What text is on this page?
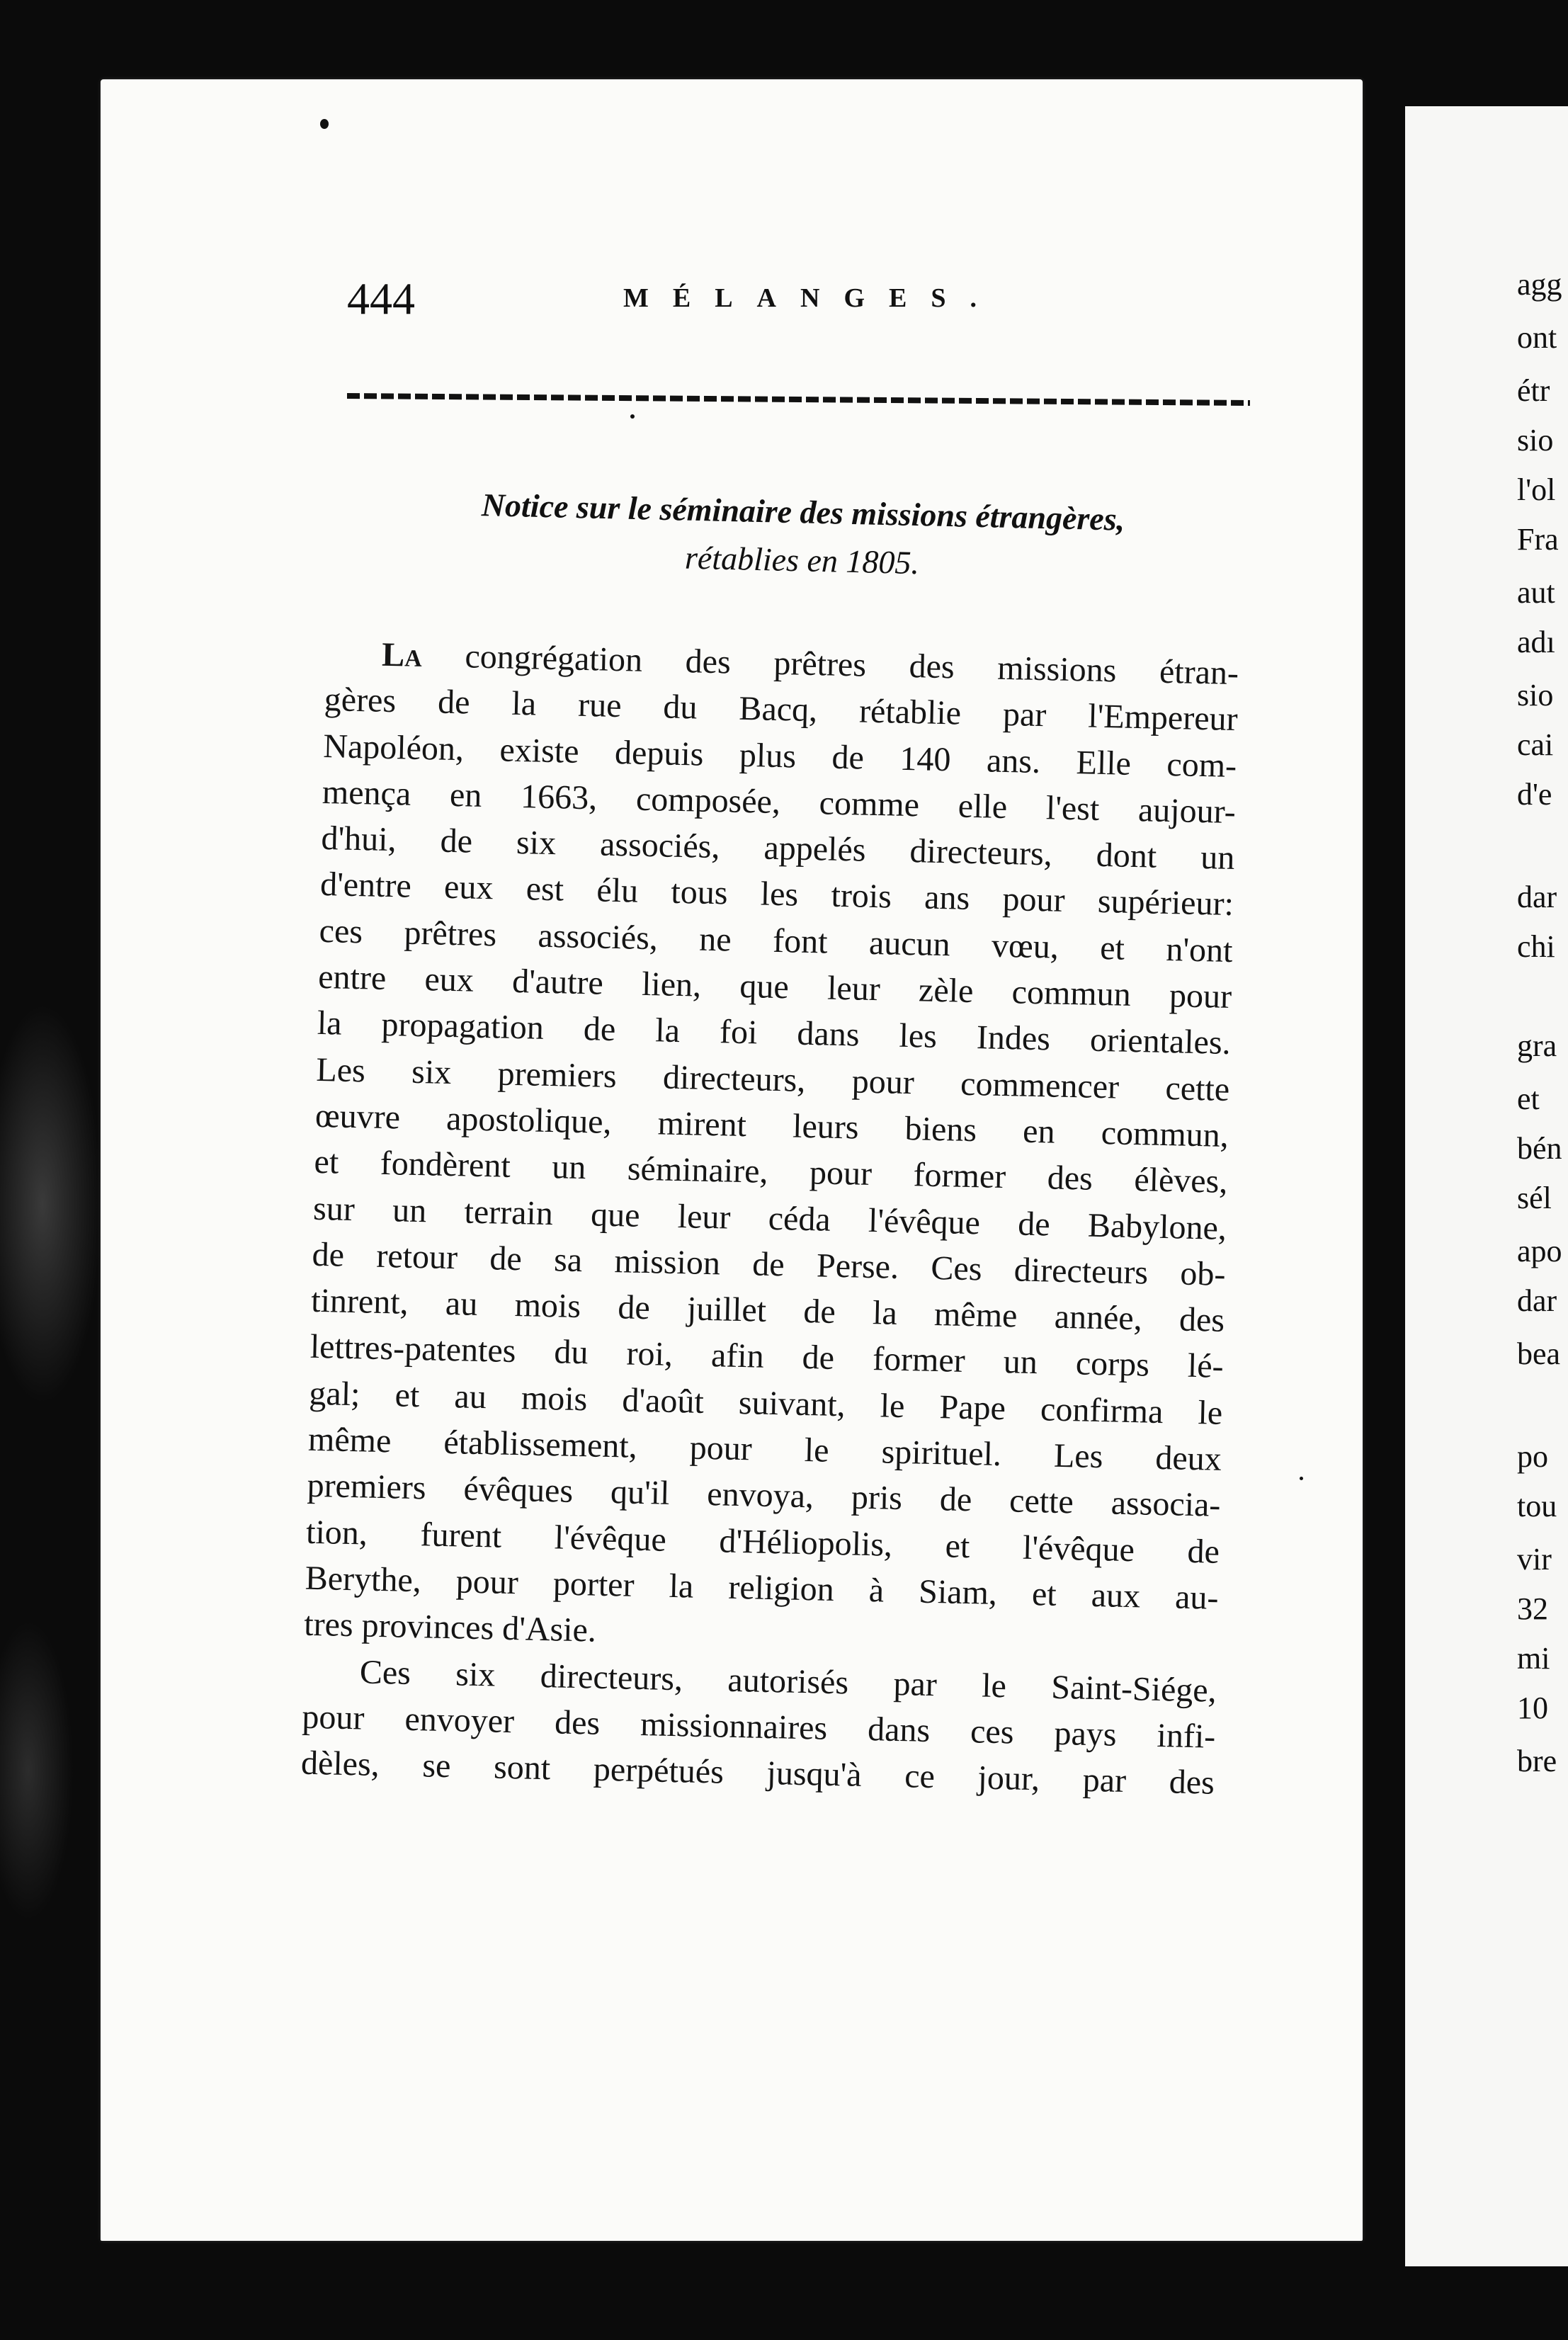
agg
ont
étr
sio
l'ol
Fra
aut
adı
sio
cai
d'e
dar
chi
gra
et
bén
sél
apo
dar
bea
po
tou
vir
32
mi
10
bre
444	MÉLANGES.
Notice sur le séminaire des missions étrangères,
rétablies en 1805.
La congrégation des prêtres des missions étran-
gères de la rue du Bacq, rétablie par l'Empereur
Napoléon, existe depuis plus de 140 ans. Elle com-
mença en 1663, composée, comme elle l'est aujour-
d'hui, de six associés, appelés directeurs, dont un
d'entre eux est élu tous les trois ans pour supérieur:
ces prêtres associés, ne font aucun vœu, et n'ont
entre eux d'autre lien, que leur zèle commun pour
la propagation de la foi dans les Indes orientales.
Les six premiers directeurs, pour commencer cette
œuvre apostolique, mirent leurs biens en commun,
et fondèrent un séminaire, pour former des élèves,
sur un terrain que leur céda l'évêque de Babylone,
de retour de sa mission de Perse. Ces directeurs ob-
tinrent, au mois de juillet de la même année, des
lettres-patentes du roi, afin de former un corps lé-
gal; et au mois d'août suivant, le Pape confirma le
même établissement, pour le spirituel. Les deux
premiers évêques qu'il envoya, pris de cette associa-
tion, furent l'évêque d'Héliopolis, et l'évêque de
Berythe, pour porter la religion à Siam, et aux au-
tres provinces d'Asie.
Ces six directeurs, autorisés par le Saint-Siége,
pour envoyer des missionnaires dans ces pays infi-
dèles, se sont perpétués jusqu'à ce jour, par des
